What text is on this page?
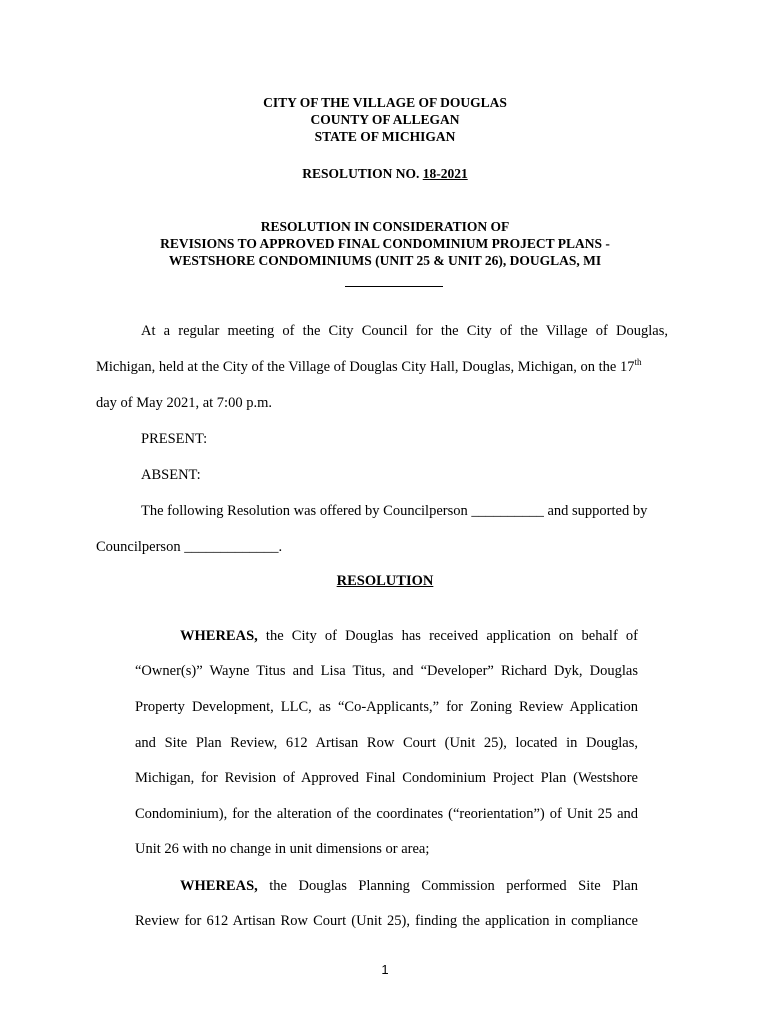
CITY OF THE VILLAGE OF DOUGLAS
COUNTY OF ALLEGAN
STATE OF MICHIGAN
RESOLUTION NO. 18-2021
RESOLUTION IN CONSIDERATION OF
REVISIONS TO APPROVED FINAL CONDOMINIUM PROJECT PLANS -
WESTSHORE CONDOMINIUMS (UNIT 25 & UNIT 26), DOUGLAS, MI
At a regular meeting of the City Council for the City of the Village of Douglas,
Michigan, held at the City of the Village of Douglas City Hall, Douglas, Michigan, on the 17th
day of May 2021, at 7:00 p.m.
PRESENT:
ABSENT:
The following Resolution was offered by Councilperson __________ and supported by
Councilperson _____________.
RESOLUTION
WHEREAS, the City of Douglas has received application on behalf of
“Owner(s)” Wayne Titus and Lisa Titus, and “Developer” Richard Dyk, Douglas
Property Development, LLC, as “Co-Applicants,” for Zoning Review Application
and Site Plan Review, 612 Artisan Row Court (Unit 25), located in Douglas,
Michigan, for Revision of Approved Final Condominium Project Plan (Westshore
Condominium), for the alteration of the coordinates (“reorientation”) of Unit 25 and
Unit 26 with no change in unit dimensions or area;
WHEREAS, the Douglas Planning Commission performed Site Plan
Review for 612 Artisan Row Court (Unit 25), finding the application in compliance
1
